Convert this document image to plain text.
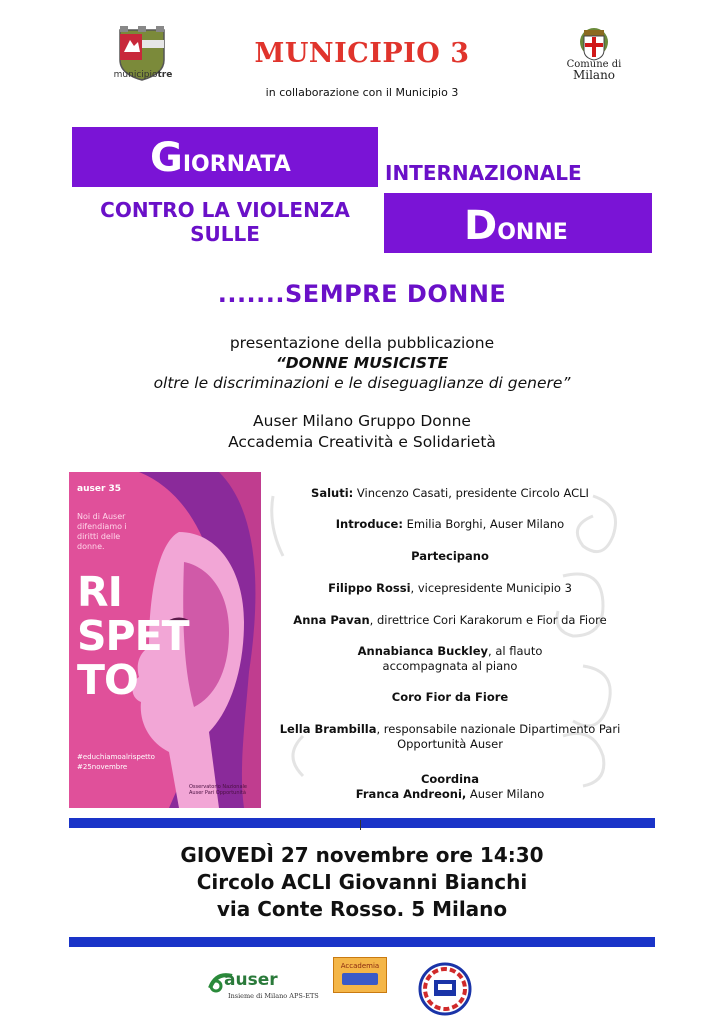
municipiotre
MUNICIPIO 3
in collaborazione con il Municipio 3
Comune di
Milano
GIORNATA	INTERNAZIONALE
CONTRO LA VIOLENZA
SULLE	DONNE
.......SEMPRE DONNE
presentazione della pubblicazione
“DONNE MUSICISTE
oltre le discriminazioni e le diseguaglianze di genere”
Auser Milano Gruppo Donne
Accademia Creatività e Solidarietà
auser 35
Noi di Auser difendiamo i diritti delle donne.
RI
SPET
TO
#educhiamoalrispetto
#25novembre
Osservatorio Nazionale Auser Pari Opportunità
Saluti: Vincenzo Casati, presidente Circolo ACLI
Introduce: Emilia Borghi, Auser Milano
Partecipano
Filippo Rossi, vicepresidente Municipio 3
Anna Pavan, direttrice Cori Karakorum e Fior da Fiore
Annabianca Buckley, al flauto
accompagnata al piano
Coro Fior da Fiore
Lella Brambilla, responsabile nazionale Dipartimento Pari
Opportunità Auser
Coordina
Franca Andreoni, Auser Milano
GIOVEDÌ 27 novembre ore 14:30
Circolo ACLI Giovanni Bianchi
via Conte Rosso. 5 Milano
auser
Insieme di Milano APS-ETS
Accademia
